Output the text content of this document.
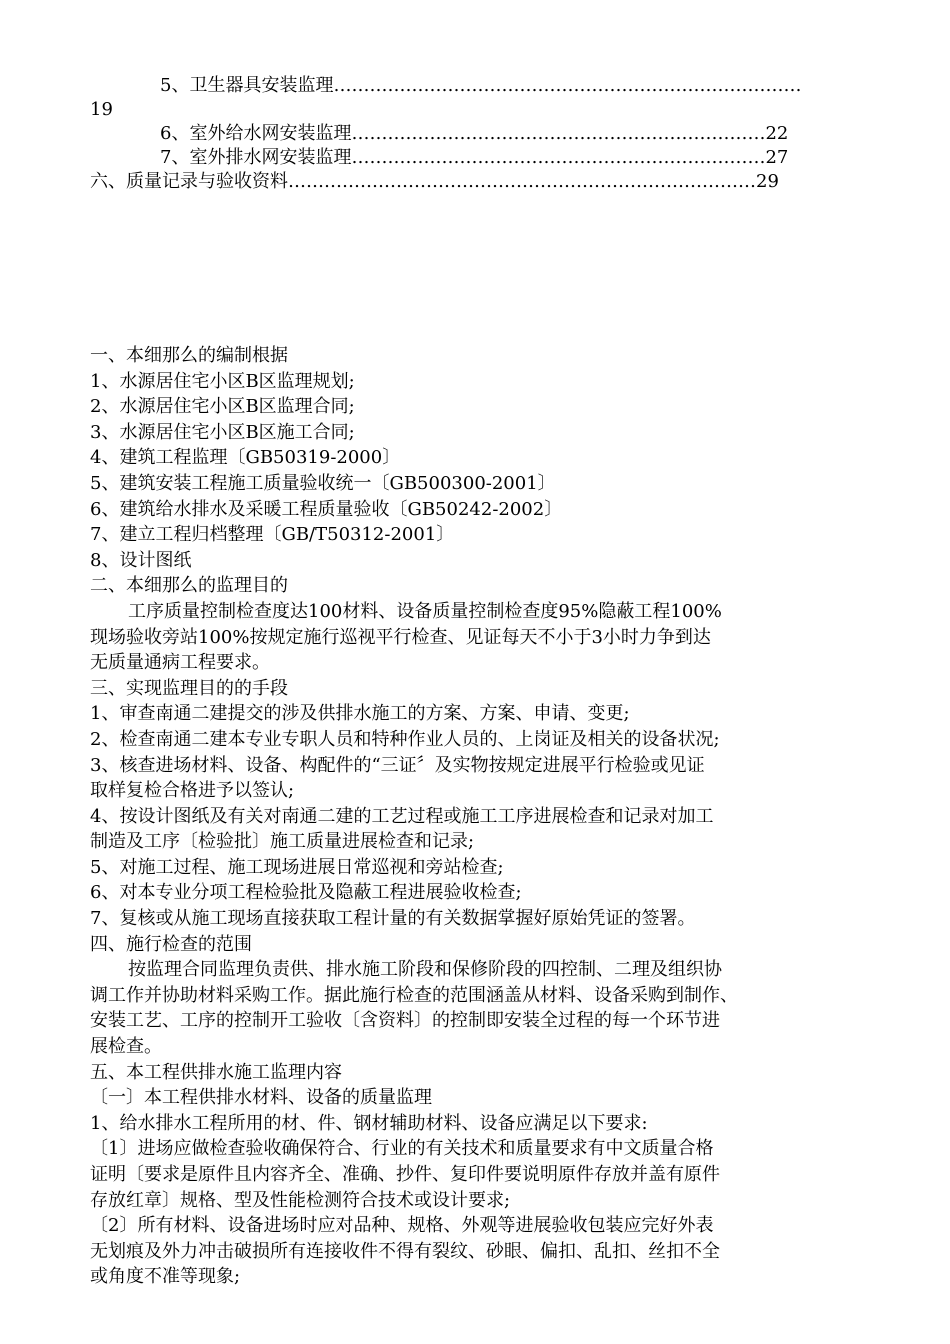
5、卫生器具安装监理……………………………………………………………………
19
6、室外给水网安装监理……………………………………………………………22
7、室外排水网安装监理……………………………………………………………27
六、质量记录与验收资料……………………………………………………………………29

一、本细那么的编制根据

1、水源居住宅小区B区监理规划;

2、水源居住宅小区B区监理合同;

3、水源居住宅小区B区施工合同;

4、建筑工程监理〔GB50319-2000〕

5、建筑安装工程施工质量验收统一〔GB500300-2001〕

6、建筑给水排水及采暖工程质量验收〔GB50242-2002〕

7、建立工程归档整理〔GB/T50312-2001〕

8、设计图纸

二、本细那么的监理目的

工序质量控制检查度达100材料、设备质量控制检查度95%隐蔽工程100%

现场验收旁站100%按规定施行巡视平行检查、见证每天不小于3小时力争到达

无质量通病工程要求。

三、实现监理目的的手段

1、审查南通二建提交的涉及供排水施工的方案、方案、申请、变更;

2、检查南通二建本专业专职人员和特种作业人员的、上岗证及相关的设备状况;

3、核查进场材料、设备、构配件的“三证〞及实物按规定进展平行检验或见证

取样复检合格进予以签认;

4、按设计图纸及有关对南通二建的工艺过程或施工工序进展检查和记录对加工

制造及工序〔检验批〕施工质量进展检查和记录;

5、对施工过程、施工现场进展日常巡视和旁站检查;

6、对本专业分项工程检验批及隐蔽工程进展验收检查;

7、复核或从施工现场直接获取工程计量的有关数据掌握好原始凭证的签署。

四、施行检查的范围

按监理合同监理负责供、排水施工阶段和保修阶段的四控制、二理及组织协

调工作并协助材料采购工作。据此施行检查的范围涵盖从材料、设备采购到制作、

安装工艺、工序的控制开工验收〔含资料〕的控制即安装全过程的每一个环节进

展检查。

五、本工程供排水施工监理内容

〔一〕本工程供排水材料、设备的质量监理

1、给水排水工程所用的材、件、钢材辅助材料、设备应满足以下要求:

〔1〕进场应做检查验收确保符合、行业的有关技术和质量要求有中文质量合格

证明〔要求是原件且内容齐全、准确、抄件、复印件要说明原件存放并盖有原件

存放红章〕规格、型及性能检测符合技术或设计要求;

〔2〕所有材料、设备进场时应对品种、规格、外观等进展验收包装应完好外表

无划痕及外力冲击破损所有连接收件不得有裂纹、砂眼、偏扣、乱扣、丝扣不全

或角度不准等现象;
